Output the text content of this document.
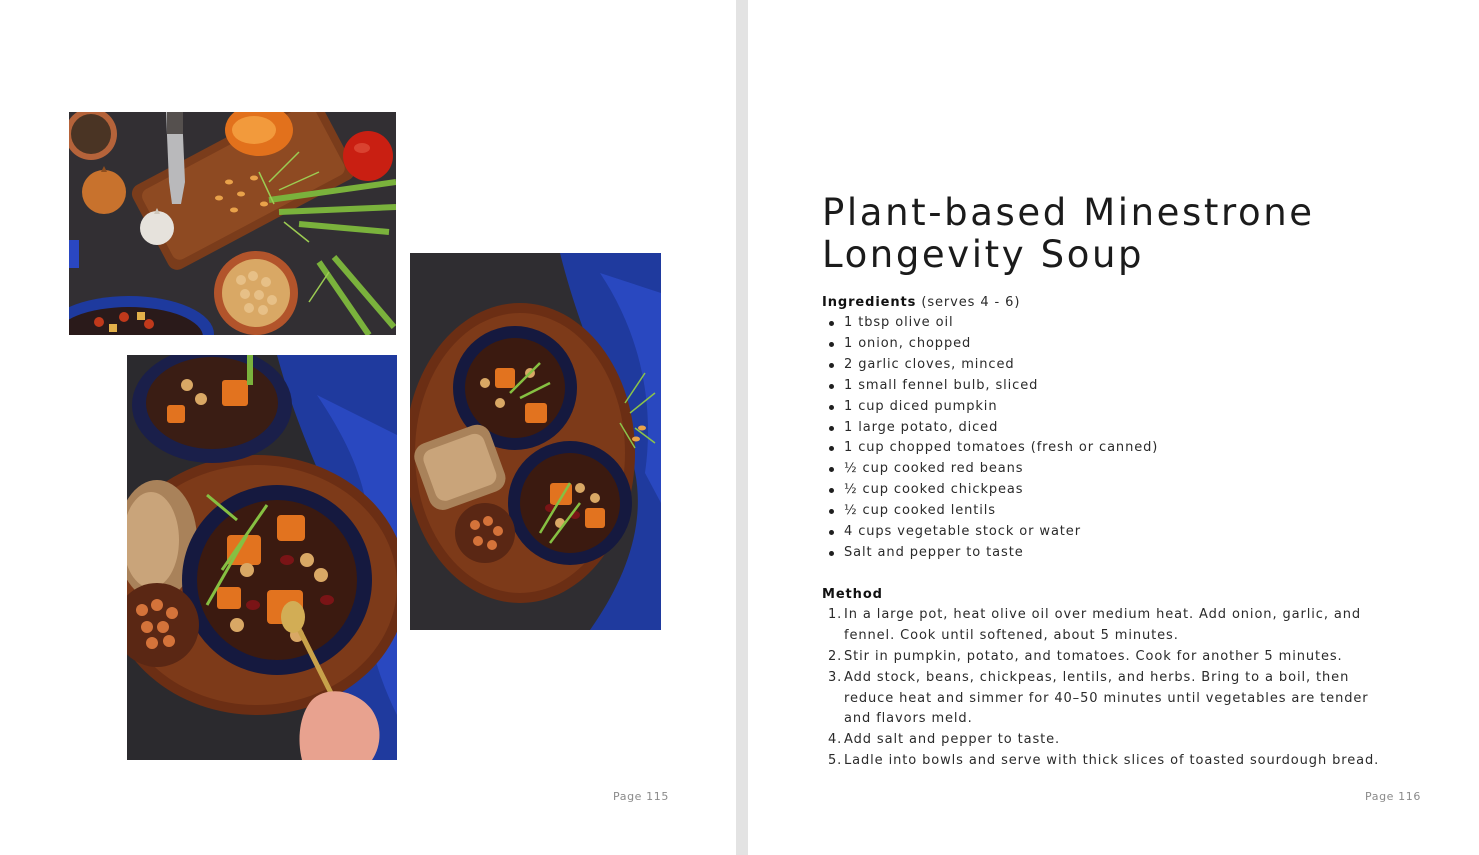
Page 115
Plant-based Minestrone Longevity Soup

Ingredients (serves 4 - 6)

1 tbsp olive oil
1 onion, chopped
2 garlic cloves, minced
1 small fennel bulb, sliced
1 cup diced pumpkin
1 large potato, diced
1 cup chopped tomatoes (fresh or canned)
½ cup cooked red beans
½ cup cooked chickpeas
½ cup cooked lentils
4 cups vegetable stock or water
Salt and pepper to taste

Method

1. In a large pot, heat olive oil over medium heat. Add onion, garlic, and fennel. Cook until softened, about 5 minutes.
2. Stir in pumpkin, potato, and tomatoes. Cook for another 5 minutes.
3. Add stock, beans, chickpeas, lentils, and herbs. Bring to a boil, then reduce heat and simmer for 40–50 minutes until vegetables are tender and flavors meld.
4. Add salt and pepper to taste.
5. Ladle into bowls and serve with thick slices of toasted sourdough bread.
Page 116
